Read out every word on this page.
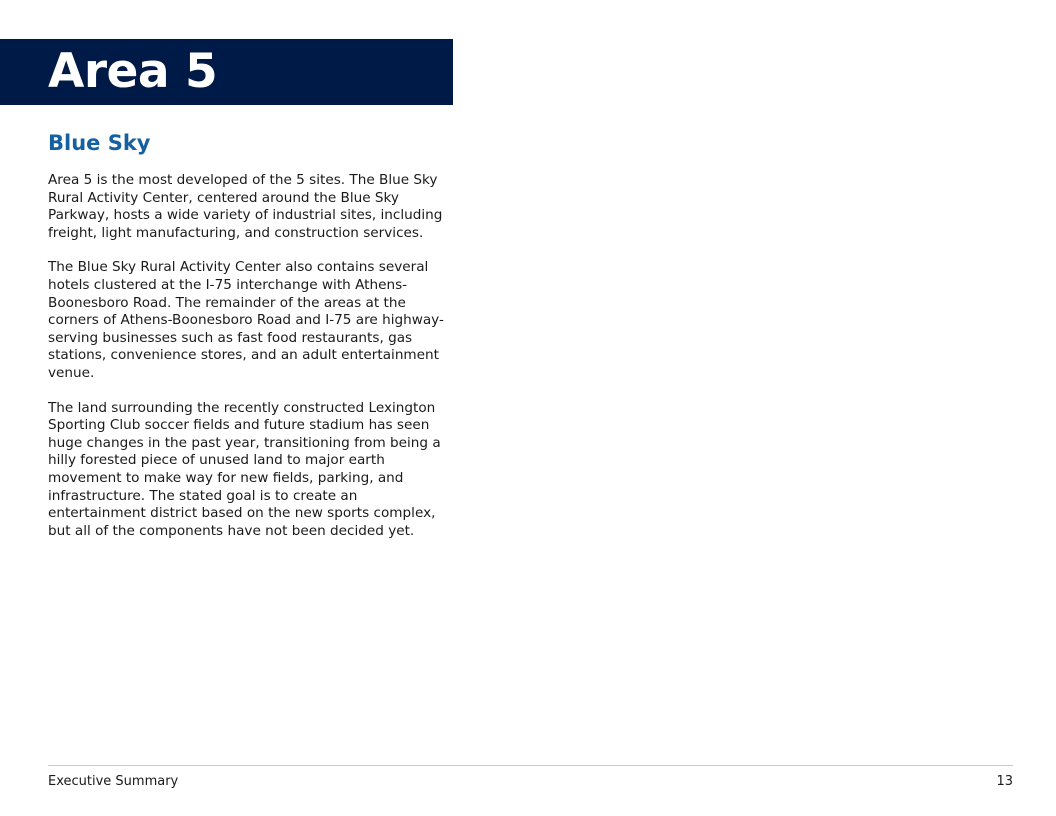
Area 5
Blue Sky

Area 5 is the most developed of the 5 sites. The Blue Sky Rural Activity Center, centered around the Blue Sky Parkway, hosts a wide variety of industrial sites, including freight, light manufacturing, and construction services.

The Blue Sky Rural Activity Center also contains several hotels clustered at the I-75 interchange with Athens-Boonesboro Road. The remainder of the areas at the corners of Athens-Boonesboro Road and I-75 are highway-serving businesses such as fast food restaurants, gas stations, convenience stores, and an adult entertainment venue.

The land surrounding the recently constructed Lexington Sporting Club soccer fields and future stadium has seen huge changes in the past year, transitioning from being a hilly forested piece of unused land to major earth movement to make way for new fields, parking, and infrastructure. The stated goal is to create an entertainment district based on the new sports complex, but all of the components have not been decided yet.

Executive Summary	13
